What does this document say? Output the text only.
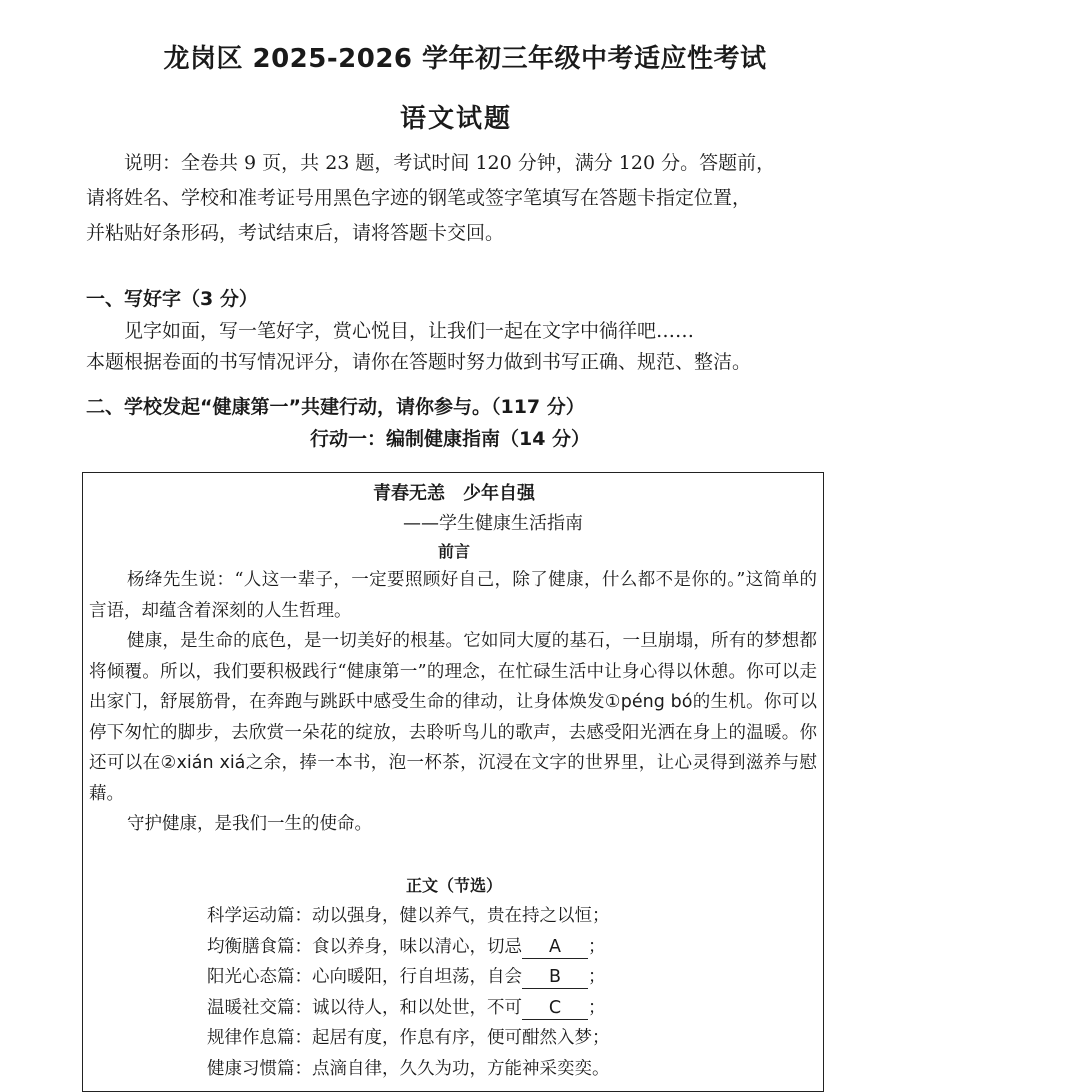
龙岗区 2025-2026 学年初三年级中考适应性考试
语文试题

说明：全卷共 9 页，共 23 题，考试时间 120 分钟，满分 120 分。答题前，

请将姓名、学校和准考证号用黑色字迹的钢笔或签字笔填写在答题卡指定位置，

并粘贴好条形码，考试结束后，请将答题卡交回。

一、写好字（3 分）

见字如面，写一笔好字，赏心悦目，让我们一起在文字中徜徉吧……

本题根据卷面的书写情况评分，请你在答题时努力做到书写正确、规范、整洁。

二、学校发起“健康第一”共建行动，请你参与。（117 分）
行动一：编制健康指南（14 分）
青春无恙　少年自强
——学生健康生活指南
前言

杨绛先生说：“人这一辈子，一定要照顾好自己，除了健康，什么都不是你的。”这简单的言语，却蕴含着深刻的人生哲理。

健康，是生命的底色，是一切美好的根基。它如同大厦的基石，一旦崩塌，所有的梦想都将倾覆。所以，我们要积极践行“健康第一”的理念，在忙碌生活中让身心得以休憩。你可以走出家门，舒展筋骨，在奔跑与跳跃中感受生命的律动，让身体焕发①péng bó的生机。你可以停下匆忙的脚步，去欣赏一朵花的绽放，去聆听鸟儿的歌声，去感受阳光洒在身上的温暖。你还可以在②xián xiá之余，捧一本书，泡一杯茶，沉浸在文字的世界里，让心灵得到滋养与慰藉。

守护健康，是我们一生的使命。

正文（节选）
科学运动篇：动以强身，健以养气，贵在持之以恒；
均衡膳食篇：食以养身，味以清心，切忌 A ；
阳光心态篇：心向暖阳，行自坦荡，自会 B ；
温暖社交篇：诚以待人，和以处世，不可 C ；
规律作息篇：起居有度，作息有序，便可酣然入梦；
健康习惯篇：点滴自律，久久为功，方能神采奕奕。
